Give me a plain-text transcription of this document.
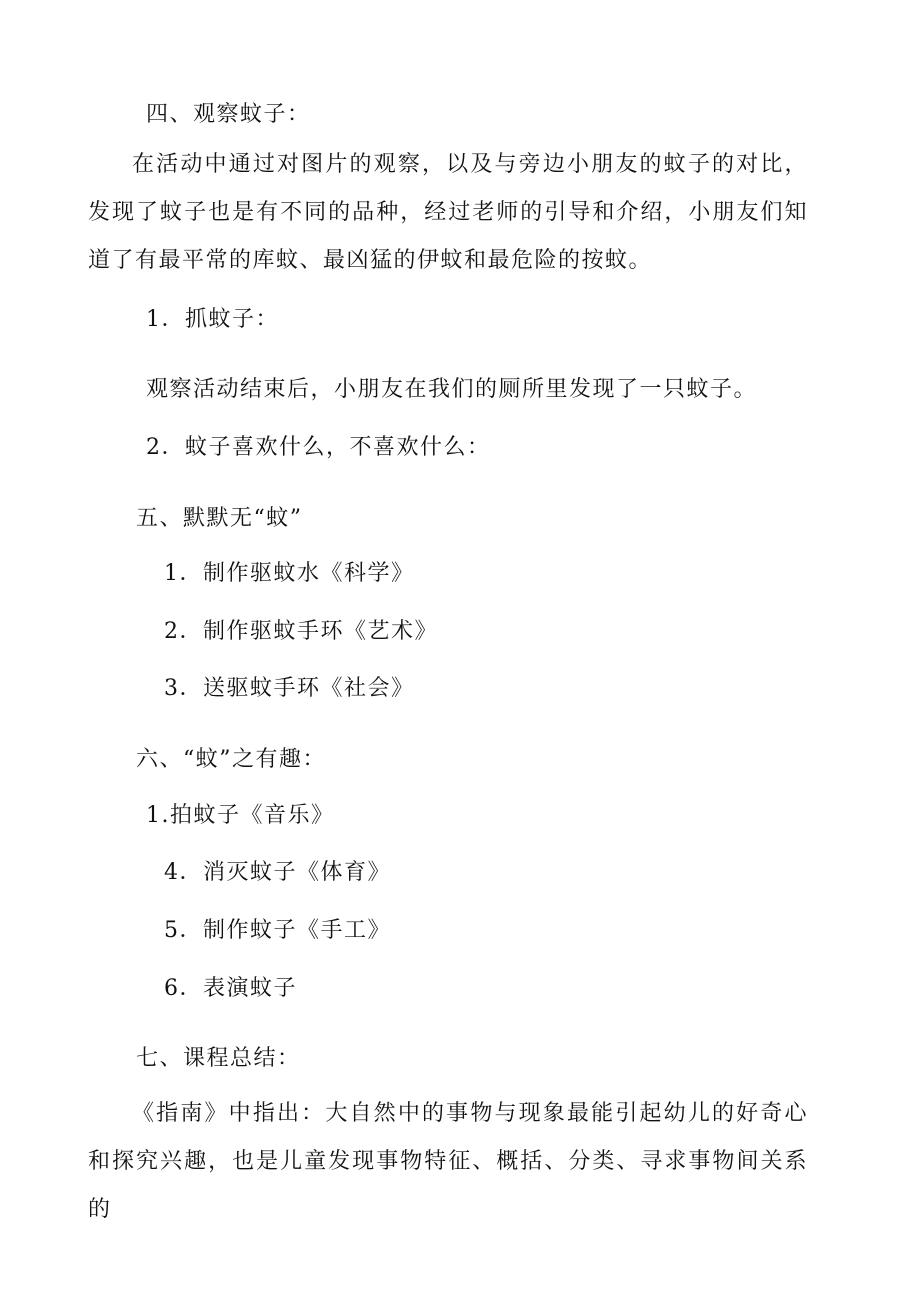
四、观察蚊子：
在活动中通过对图片的观察，以及与旁边小朋友的蚊子的对比，发现了蚊子也是有不同的品种，经过老师的引导和介绍，小朋友们知道了有最平常的库蚊、最凶猛的伊蚊和最危险的按蚊。
1．抓蚊子：
观察活动结束后，小朋友在我们的厕所里发现了一只蚊子。
2．蚊子喜欢什么，不喜欢什么：
五、默默无“蚊”
1．制作驱蚊水《科学》
2．制作驱蚊手环《艺术》
3．送驱蚊手环《社会》
六、“蚊”之有趣：
1.拍蚊子《音乐》
4．消灭蚊子《体育》
5．制作蚊子《手工》
6．表演蚊子
七、课程总结：
《指南》中指出：大自然中的事物与现象最能引起幼儿的好奇心和探究兴趣，也是儿童发现事物特征、概括、分类、寻求事物间关系的
